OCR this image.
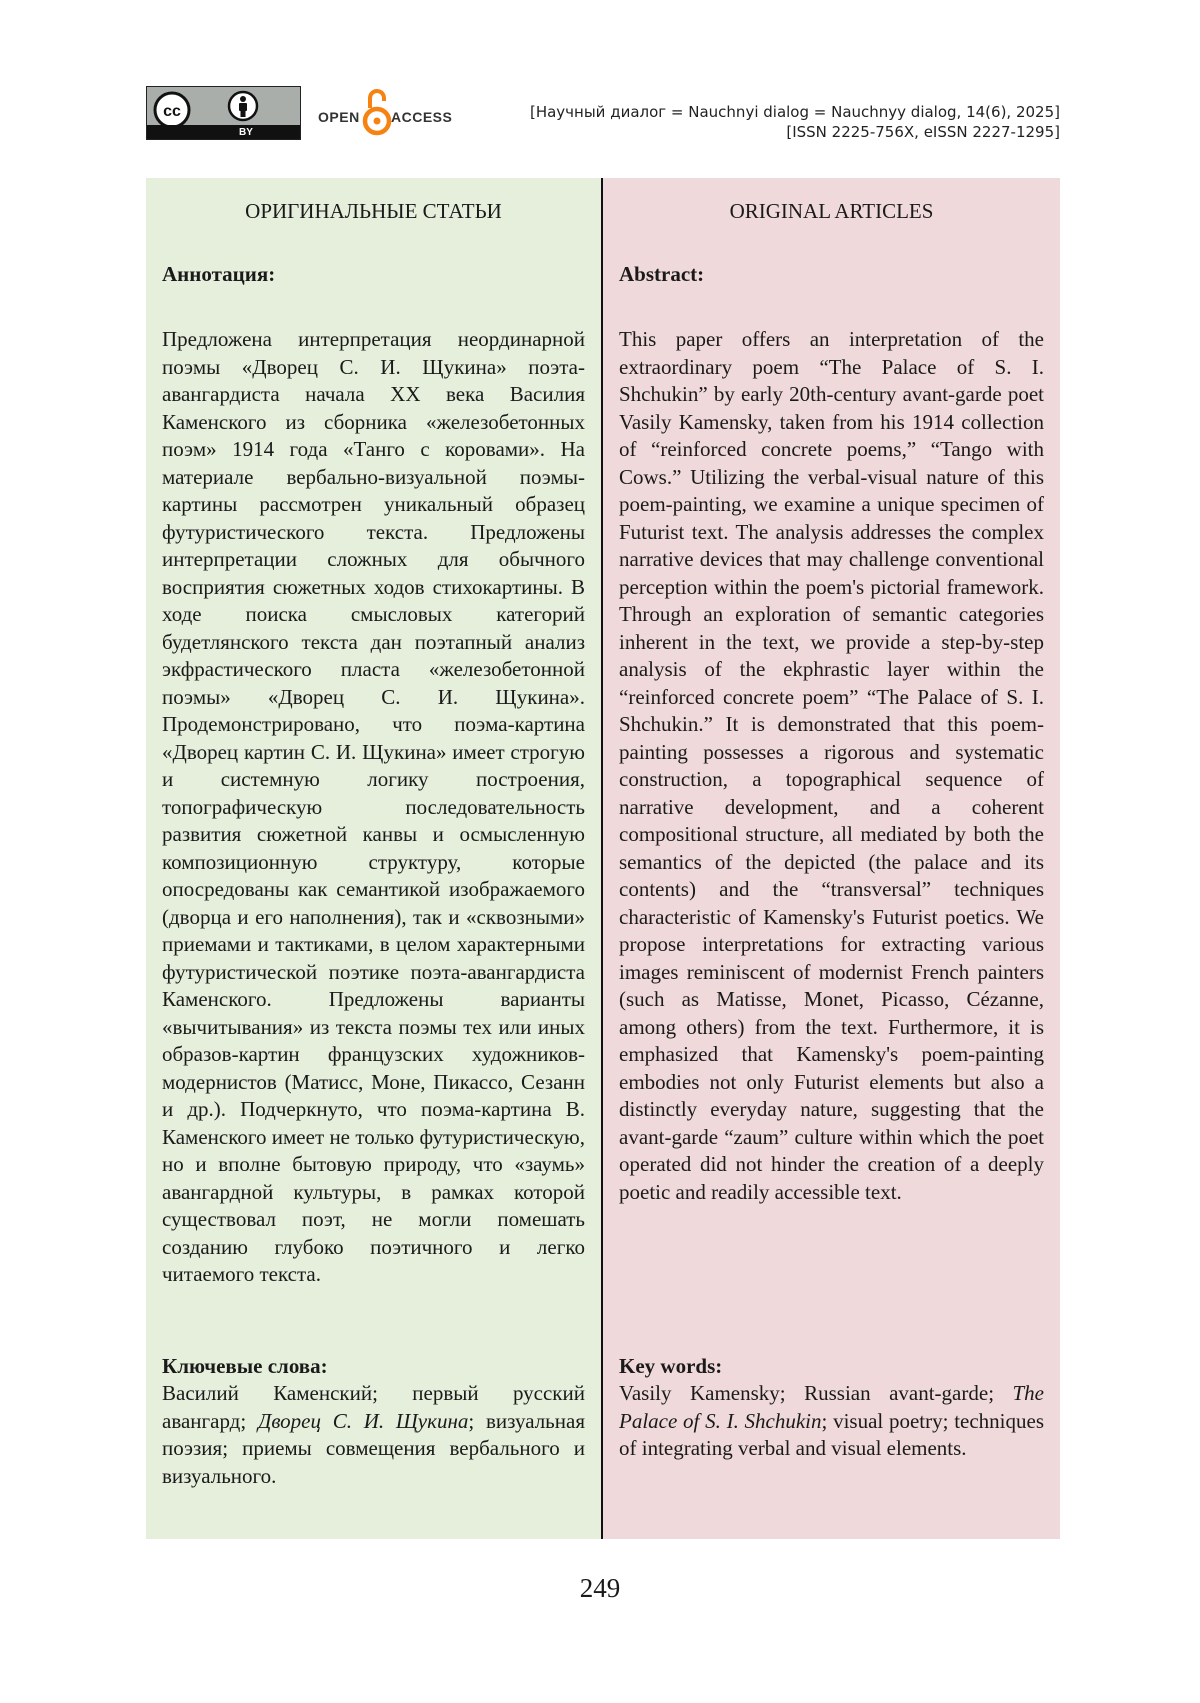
cc
BY
OPEN ACCESS	[Научный диалог = Nauchnyi dialog = Nauchnyy dialog, 14(6), 2025]
[ISSN 2225-756X, eISSN 2227-1295]
ОРИГИНАЛЬНЫЕ СТАТЬИ
Аннотация:
Предложена интерпретация неординарной поэмы «Дворец С. И. Щукина» поэта-авангардиста начала XX века Василия Каменского из сборника «железобетонных поэм» 1914 года «Танго с коровами». На материале вербально-визуальной поэмы-картины рассмотрен уникальный образец футуристического текста. Предложены интерпретации сложных для обычного восприятия сюжетных ходов стихокартины. В ходе поиска смысловых категорий будетлянского текста дан поэтапный анализ экфрастического пласта «железобетонной поэмы» «Дворец С. И. Щукина». Продемонстрировано, что поэма-картина «Дворец картин С. И. Щукина» имеет строгую и системную логику построения, топографическую последовательность развития сюжетной канвы и осмысленную композиционную структуру, которые опосредованы как семантикой изображаемого (дворца и его наполнения), так и «сквозными» приемами и тактиками, в целом характерными футуристической поэтике поэта-авангардиста Каменского. Предложены варианты «вычитывания» из текста поэмы тех или иных образов-картин французских художников-модернистов (Матисс, Моне, Пикассо, Сезанн и др.). Подчеркнуто, что поэма-картина В. Каменского имеет не только футуристическую, но и вполне бытовую природу, что «заумь» авангардной культуры, в рамках которой существовал поэт, не могли помешать созданию глубоко поэтичного и легко читаемого текста.
Ключевые слова:
Василий Каменский; первый русский авангард; Дворец С. И. Щукина; визуальная поэзия; приемы совмещения вербального и визуального.
ORIGINAL ARTICLES
Abstract:
This paper offers an interpretation of the extraordinary poem “The Palace of S. I. Shchukin” by early 20th-century avant-garde poet Vasily Kamensky, taken from his 1914 collection of “reinforced concrete poems,” “Tango with Cows.” Utilizing the verbal-visual nature of this poem-painting, we examine a unique specimen of Futurist text. The analysis addresses the complex narrative devices that may challenge conventional perception within the poem's pictorial framework. Through an exploration of semantic categories inherent in the text, we provide a step-by-step analysis of the ekphrastic layer within the “reinforced concrete poem” “The Palace of S. I. Shchukin.” It is demonstrated that this poem-painting possesses a rigorous and systematic construction, a topographical sequence of narrative development, and a coherent compositional structure, all mediated by both the semantics of the depicted (the palace and its contents) and the “transversal” techniques characteristic of Kamensky's Futurist poetics. We propose interpretations for extracting various images reminiscent of modernist French painters (such as Matisse, Monet, Picasso, Cézanne, among others) from the text. Furthermore, it is emphasized that Kamensky's poem-painting embodies not only Futurist elements but also a distinctly everyday nature, suggesting that the avant-garde “zaum” culture within which the poet operated did not hinder the creation of a deeply poetic and readily accessible text.
Key words:
Vasily Kamensky; Russian avant-garde; The Palace of S. I. Shchukin; visual poetry; techniques of integrating verbal and visual elements.
249
